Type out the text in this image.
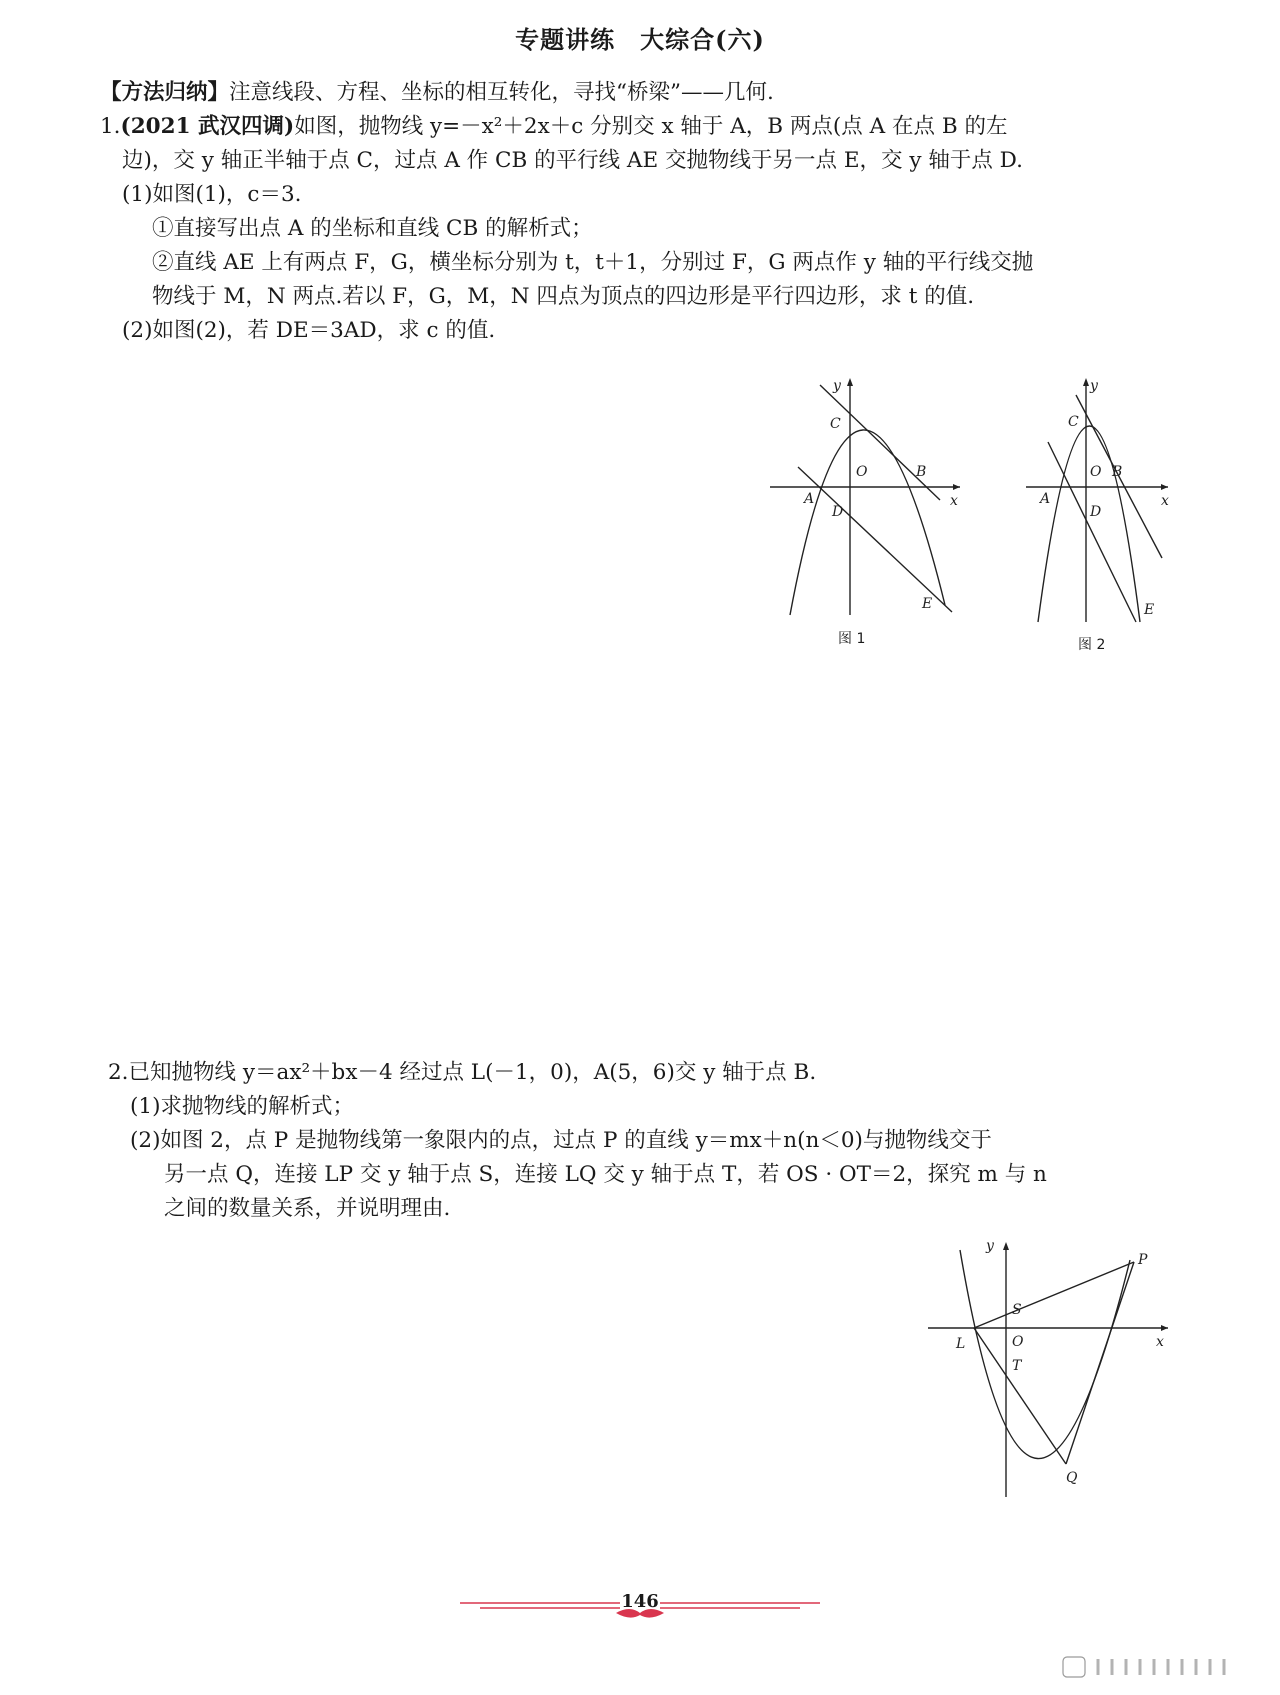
专题讲练　大综合(六)
【方法归纳】注意线段、方程、坐标的相互转化，寻找“桥梁”——几何.
1.(2021 武汉四调)如图，抛物线 y=－x²＋2x＋c 分别交 x 轴于 A，B 两点(点 A 在点 B 的左
边)，交 y 轴正半轴于点 C，过点 A 作 CB 的平行线 AE 交抛物线于另一点 E，交 y 轴于点 D.
(1)如图(1)，c＝3.
①直接写出点 A 的坐标和直线 CB 的解析式；
②直线 AE 上有两点 F，G，横坐标分别为 t，t＋1，分别过 F，G 两点作 y 轴的平行线交抛
物线于 M，N 两点.若以 F，G，M，N 四点为顶点的四边形是平行四边形，求 t 的值.
(2)如图(2)，若 DE＝3AD，求 c 的值.
y
x
C
O	B
A
D
E
图 1
y
x
C
O B
A
D
E
图 2
2.已知抛物线 y＝ax²＋bx－4 经过点 L(－1，0)，A(5，6)交 y 轴于点 B.
(1)求抛物线的解析式；
(2)如图 2，点 P 是抛物线第一象限内的点，过点 P 的直线 y＝mx＋n(n＜0)与抛物线交于
另一点 Q，连接 LP 交 y 轴于点 S，连接 LQ 交 y 轴于点 T，若 OS · OT＝2，探究 m 与 n
之间的数量关系，并说明理由.
y
x
P
S
L	O
T
Q
146
